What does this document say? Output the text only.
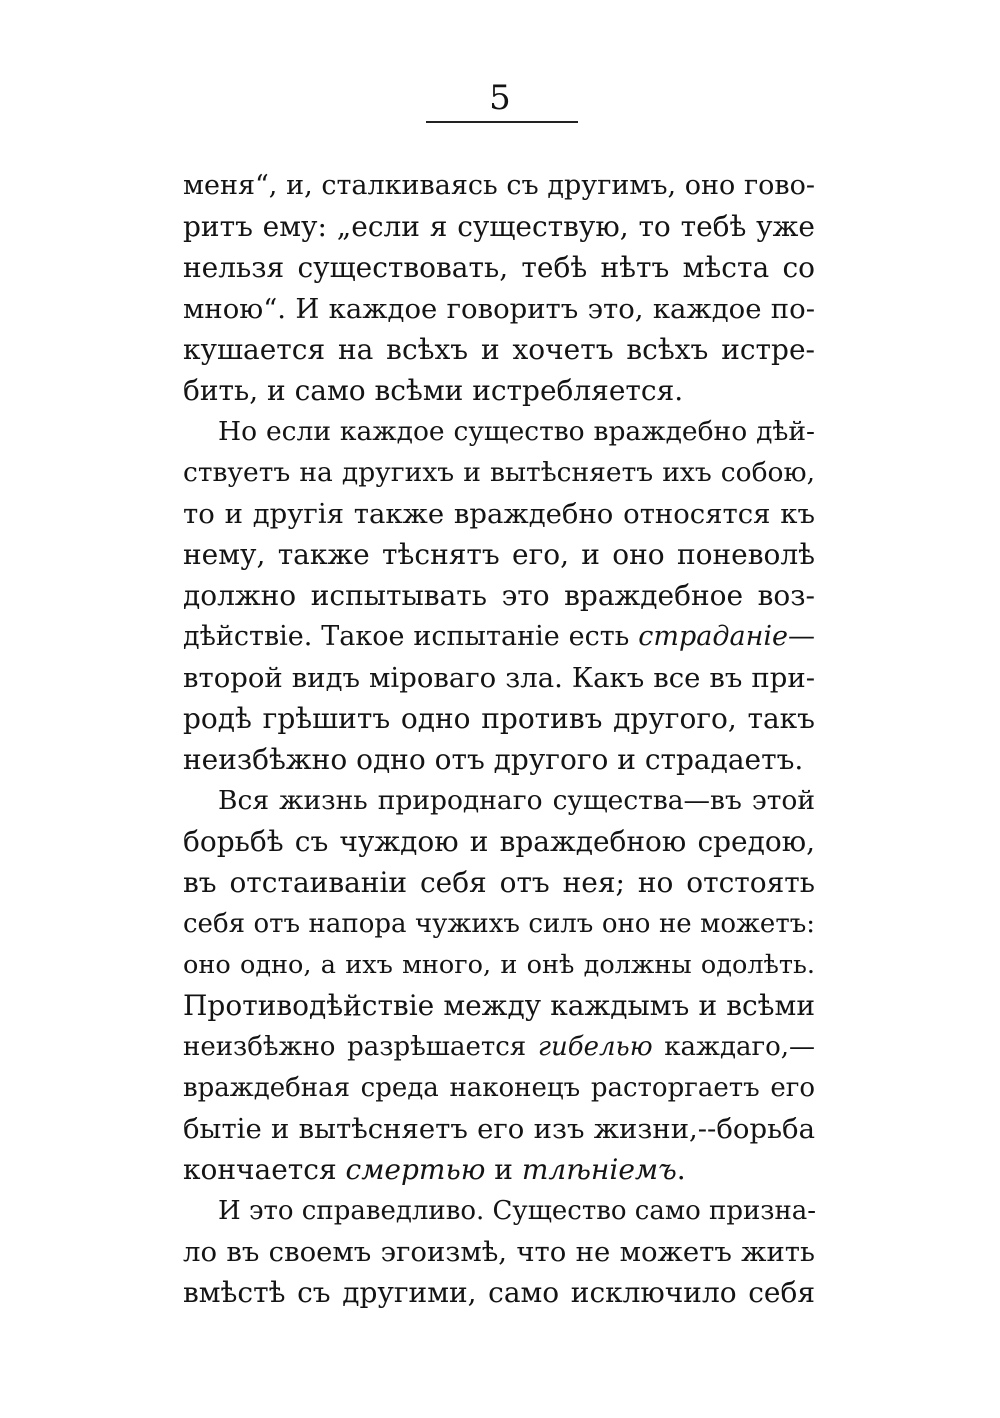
5
меня“, и, сталкиваясь съ другимъ, оно гово-
ритъ ему: „если я существую, то тебѣ уже
нельзя существовать, тебѣ нѣтъ мѣста со
мною“. И каждое говоритъ это, каждое по-
кушается на всѣхъ и хочетъ всѣхъ истре-
бить, и само всѣми истребляется.
Но если каждое существо враждебно дѣй-
ствуетъ на другихъ и вытѣсняетъ ихъ собою,
то и другія также враждебно относятся къ
нему, также тѣснятъ его, и оно поневолѣ
должно испытывать это враждебное воз-
дѣйствіе. Такое испытаніе есть страданіе—
второй видъ міроваго зла. Какъ все въ при-
родѣ грѣшитъ одно противъ другого, такъ
неизбѣжно одно отъ другого и страдаетъ.
Вся жизнь природнаго существа—въ этой
борьбѣ съ чуждою и враждебною средою,
въ отстаиваніи себя отъ нея; но отстоять
себя отъ напора чужихъ силъ оно не можетъ:
оно одно, а ихъ много, и онѣ должны одолѣть.
Противодѣйствіе между каждымъ и всѣми
неизбѣжно разрѣшается гибелью каждаго,—
враждебная среда наконецъ расторгаетъ его
бытіе и вытѣсняетъ его изъ жизни,--борьба
кончается смертью и тлѣніемъ.
И это справедливо. Существо само призна-
ло въ своемъ эгоизмѣ, что не можетъ жить
вмѣстѣ съ другими, само исключило себя
